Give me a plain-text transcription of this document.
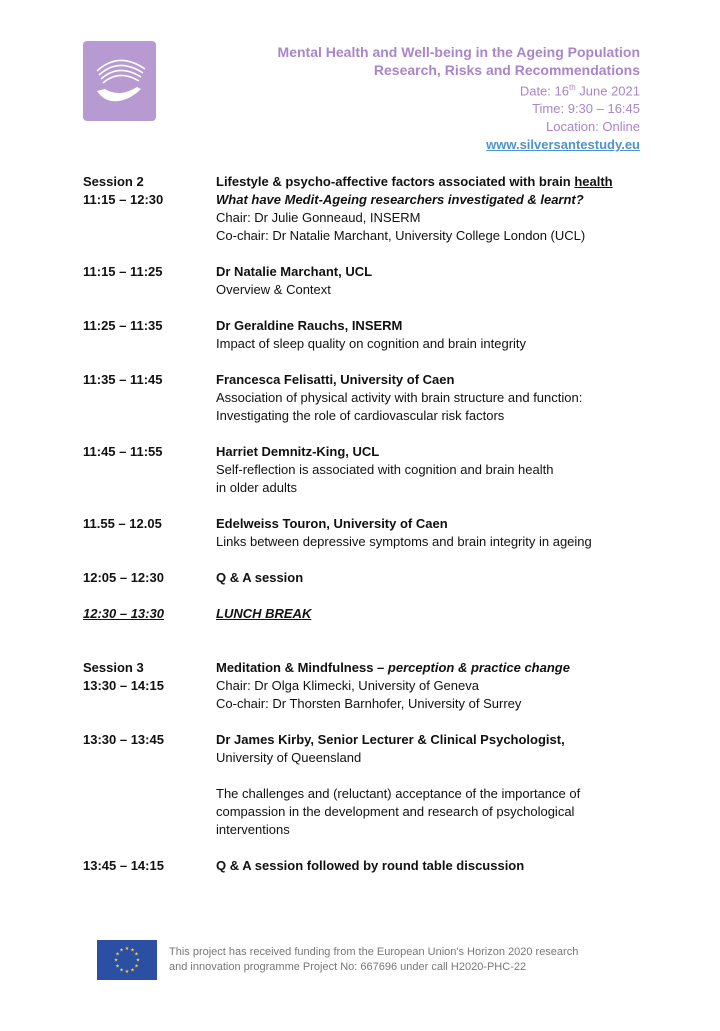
Mental Health and Well-being in the Ageing Population
Research, Risks and Recommendations
Date: 16th June 2021
Time: 9:30 – 16:45
Location: Online
www.silversantestudy.eu
Session 2	Lifestyle & psycho-affective factors associated with brain health
11:15 – 12:30	What have Medit-Ageing researchers investigated & learnt?
Chair: Dr Julie Gonneaud, INSERM
Co-chair: Dr Natalie Marchant, University College London (UCL)
11:15 – 11:25	Dr Natalie Marchant, UCL
Overview & Context
11:25 – 11:35	Dr Geraldine Rauchs, INSERM
Impact of sleep quality on cognition and brain integrity
11:35 – 11:45	Francesca Felisatti, University of Caen
Association of physical activity with brain structure and function:
Investigating the role of cardiovascular risk factors
11:45 – 11:55	Harriet Demnitz-King, UCL
Self-reflection is associated with cognition and brain health
in older adults
11.55 – 12.05	Edelweiss Touron, University of Caen
Links between depressive symptoms and brain integrity in ageing
12:05 – 12:30	Q & A session
12:30 – 13:30	LUNCH BREAK
Session 3	Meditation & Mindfulness – perception & practice change
13:30 – 14:15	Chair: Dr Olga Klimecki, University of Geneva
Co-chair: Dr Thorsten Barnhofer, University of Surrey
13:30 – 13:45	Dr James Kirby, Senior Lecturer & Clinical Psychologist,
University of Queensland
The challenges and (reluctant) acceptance of the importance of
compassion in the development and research of psychological
interventions
13:45 – 14:15	Q & A session followed by round table discussion
★ ★
★
★
★
★
★
★
★
★
★
★	This project has received funding from the European Union's Horizon 2020 research
and innovation programme Project No: 667696 under call H2020-PHC-22
